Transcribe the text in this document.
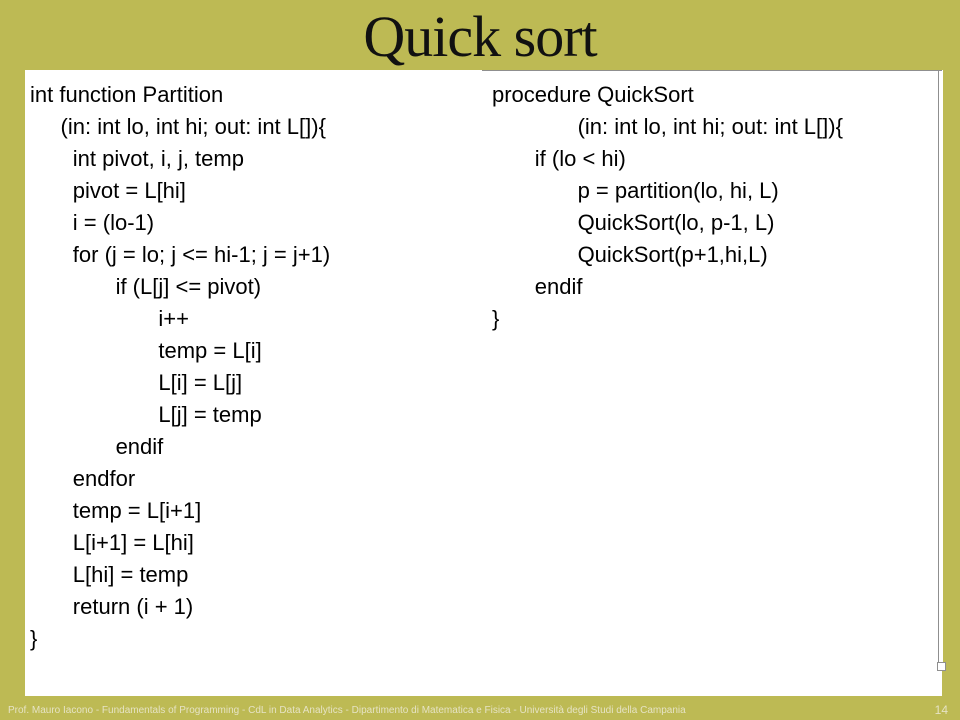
Quick sort
int function Partition
(in: int lo, int hi; out: int L[]){
int pivot, i, j, temp
pivot = L[hi]
i = (lo-1)
for (j = lo; j <= hi-1; j = j+1)
if (L[j] <= pivot)
i++
temp = L[i]
L[i] = L[j]
L[j] = temp
endif
endfor
temp = L[i+1]
L[i+1] = L[hi]
L[hi] = temp
return (i + 1)
}
procedure QuickSort
(in: int lo, int hi; out: int L[]){
if (lo < hi)
p = partition(lo, hi, L)
QuickSort(lo, p-1, L)
QuickSort(p+1,hi,L)
endif
}
Prof. Mauro Iacono - Fundamentals of Programming - CdL in Data Analytics - Dipartimento di Matematica e Fisica - Università degli Studi della Campania	14
